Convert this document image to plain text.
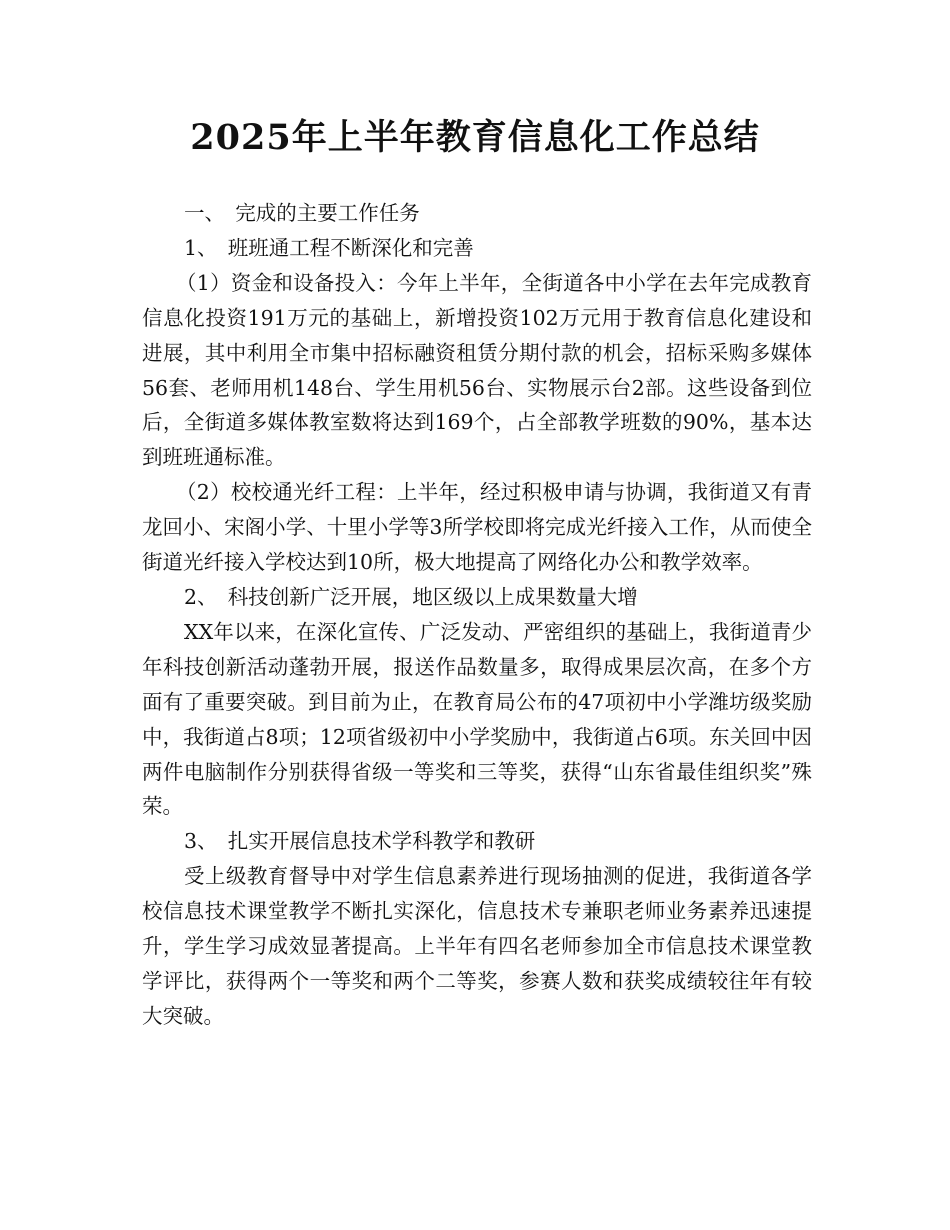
2025年上半年教育信息化工作总结

一、　完成的主要工作任务

1、　班班通工程不断深化和完善

（1）资金和设备投入：今年上半年，全街道各中小学在去年完成教育信息化投资191万元的基础上，新增投资102万元用于教育信息化建设和进展，其中利用全市集中招标融资租赁分期付款的机会，招标采购多媒体56套、老师用机148台、学生用机56台、实物展示台2部。这些设备到位后，全街道多媒体教室数将达到169个，占全部教学班数的90%，基本达到班班通标准。

（2）校校通光纤工程：上半年，经过积极申请与协调，我街道又有青龙回小、宋阁小学、十里小学等3所学校即将完成光纤接入工作，从而使全街道光纤接入学校达到10所，极大地提高了网络化办公和教学效率。

2、　科技创新广泛开展，地区级以上成果数量大增

XX年以来，在深化宣传、广泛发动、严密组织的基础上，我街道青少年科技创新活动蓬勃开展，报送作品数量多，取得成果层次高，在多个方面有了重要突破。到目前为止，在教育局公布的47项初中小学潍坊级奖励中，我街道占8项；12项省级初中小学奖励中，我街道占6项。东关回中因两件电脑制作分别获得省级一等奖和三等奖，获得“山东省最佳组织奖”殊荣。

3、　扎实开展信息技术学科教学和教研

受上级教育督导中对学生信息素养进行现场抽测的促进，我街道各学校信息技术课堂教学不断扎实深化，信息技术专兼职老师业务素养迅速提升，学生学习成效显著提高。上半年有四名老师参加全市信息技术课堂教学评比，获得两个一等奖和两个二等奖，参赛人数和获奖成绩较往年有较大突破。
